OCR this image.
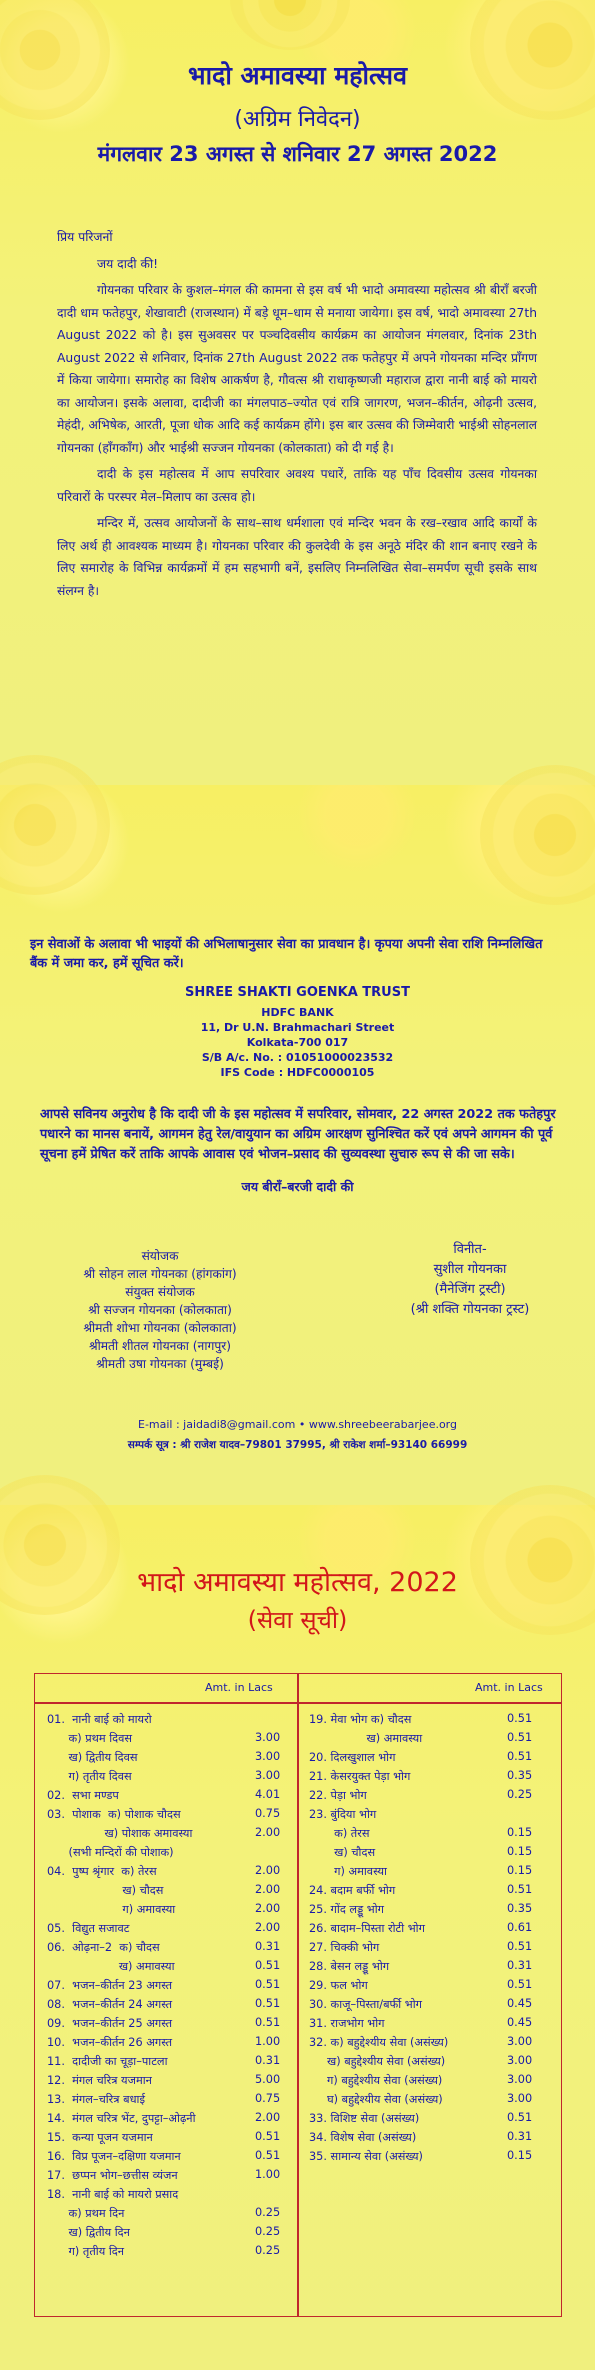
भादो अमावस्या महोत्सव
(अग्रिम निवेदन)
मंगलवार 23 अगस्त से शनिवार 27 अगस्त 2022

प्रिय परिजनों

जय दादी की!

गोयनका परिवार के कुशल–मंगल की कामना से इस वर्ष भी भादो अमावस्या महोत्सव श्री बीरॉं बरजी दादी धाम फतेहपुर, शेखावाटी (राजस्थान) में बड़े धूम–धाम से मनाया जायेगा। इस वर्ष, भादो अमावस्या 27th August 2022 को है। इस सुअवसर पर पञ्चदिवसीय कार्यक्रम का आयोजन मंगलवार, दिनांक 23th August 2022 से शनिवार, दिनांक 27th August 2022 तक फतेहपुर में अपने गोयनका मन्दिर प्राँगण में किया जायेगा। समारोह का विशेष आकर्षण है, गौवत्स श्री राधाकृष्णजी महाराज द्वारा नानी बाई को मायरो का आयोजन। इसके अलावा, दादीजी का मंगलपाठ–ज्योत एवं रात्रि जागरण, भजन–कीर्तन, ओढ़नी उत्सव, मेहंदी, अभिषेक, आरती, पूजा धोक आदि कई कार्यक्रम होंगे। इस बार उत्सव की जिम्मेवारी भाईश्री सोहनलाल गोयनका (हॉंगकॉंग) और भाईश्री सज्जन गोयनका (कोलकाता) को दी गई है।

दादी के इस महोत्सव में आप सपरिवार अवश्य पधारें, ताकि यह पाँच दिवसीय उत्सव गोयनका परिवारों के परस्पर मेल–मिलाप का उत्सव हो।

मन्दिर में, उत्सव आयोजनों के साथ–साथ धर्मशाला एवं मन्दिर भवन के रख–रखाव आदि कार्यों के लिए अर्थ ही आवश्यक माध्यम है। गोयनका परिवार की कुलदेवी के इस अनूठे मंदिर की शान बनाए रखने के लिए समारोह के विभिन्न कार्यक्रमों में हम सहभागी बनें, इसलिए निम्नलिखित सेवा–समर्पण सूची इसके साथ संलग्न है।

इन सेवाओं के अलावा भी भाइयों की अभिलाषानुसार सेवा का प्रावधान है। कृपया अपनी सेवा राशि निम्नलिखित बैंक में जमा कर, हमें सूचित करें।
SHREE SHAKTI GOENKA TRUST
HDFC BANK
11, Dr U.N. Brahmachari Street
Kolkata-700 017
S/B A/c. No. : 01051000023532
IFS Code : HDFC0000105
आपसे सविनय अनुरोध है कि दादी जी के इस महोत्सव में सपरिवार, सोमवार, 22 अगस्त 2022 तक फतेहपुर पधारने का मानस बनायें, आगमन हेतु रेल/वायुयान का अग्रिम आरक्षण सुनिश्चित करें एवं अपने आगमन की पूर्व सूचना हमें प्रेषित करें ताकि आपके आवास एवं भोजन–प्रसाद की सुव्यवस्था सुचारु रूप से की जा सके।
जय बीरॉं–बरजी दादी की
संयोजक
श्री सोहन लाल गोयनका (हांगकांग)
संयुक्त संयोजक
श्री सज्जन गोयनका (कोलकाता)
श्रीमती शोभा गोयनका (कोलकाता)
श्रीमती शीतल गोयनका (नागपुर)
श्रीमती उषा गोयनका (मुम्बई)
विनीत-
सुशील गोयनका
(मैनेजिंग ट्रस्टी)
(श्री शक्ति गोयनका ट्रस्ट)
E-mail : jaidadi8@gmail.com • www.shreebeerabarjee.org
सम्पर्क सूत्र : श्री राजेश यादव–79801 37995, श्री राकेश शर्मा–93140 66999
भादो अमावस्या महोत्सव, 2022
(सेवा सूची)
Amt. in Lacs	Amt. in Lacs
01.  नानी बाई को मायरो
क) प्रथम दिवस	3.00
ख) द्वितीय दिवस	3.00
ग) तृतीय दिवस	3.00
02.  सभा मण्डप	4.01
03.  पोशाक  क) पोशाक चौदस	0.75
ख) पोशाक अमावस्या	2.00
(सभी मन्दिरों की पोशाक)
04.  पुष्प श्रृंगार  क) तेरस	2.00
ख) चौदस	2.00
ग) अमावस्या	2.00
05.  विद्युत सजावट	2.00
06.  ओढ़ना–2  क) चौदस	0.31
ख) अमावस्या	0.51
07.  भजन–कीर्तन 23 अगस्त	0.51
08.  भजन–कीर्तन 24 अगस्त	0.51
09.  भजन–कीर्तन 25 अगस्त	0.51
10.  भजन–कीर्तन 26 अगस्त	1.00
11.  दादीजी का चूड़ा–पाटला	0.31
12.  मंगल चरित्र यजमान	5.00
13.  मंगल–चरित्र बधाई	0.75
14.  मंगल चरित्र भेंट, दुपट्टा–ओढ़नी	2.00
15.  कन्या पूजन यजमान	0.51
16.  विप्र पूजन–दक्षिणा यजमान	0.51
17.  छप्पन भोग–छत्तीस व्यंजन	1.00
18.  नानी बाई को मायरो प्रसाद
क) प्रथम दिन	0.25
ख) द्वितीय दिन	0.25
ग) तृतीय दिन	0.25
19. मेवा भोग क) चौदस	0.51
ख) अमावस्या	0.51
20. दिलखुशाल भोग	0.51
21. केसरयुक्त पेड़ा भोग	0.35
22. पेड़ा भोग	0.25
23. बुंदिया भोग
क) तेरस	0.15
ख) चौदस	0.15
ग) अमावस्या	0.15
24. बदाम बर्फी भोग	0.51
25. गोंद लड्डू भोग	0.35
26. बादाम–पिस्ता रोटी भोग	0.61
27. चिक्की भोग	0.51
28. बेसन लड्डू भोग	0.31
29. फल भोग	0.51
30. काजू–पिस्ता/बर्फी भोग	0.45
31. राजभोग भोग	0.45
32. क) बहुद्देश्यीय सेवा (असंख्य)	3.00
ख) बहुद्देश्यीय सेवा (असंख्य)	3.00
ग) बहुद्देश्यीय सेवा (असंख्य)	3.00
घ) बहुद्देश्यीय सेवा (असंख्य)	3.00
33. विशिष्ट सेवा (असंख्य)	0.51
34. विशेष सेवा (असंख्य)	0.31
35. सामान्य सेवा (असंख्य)	0.15
